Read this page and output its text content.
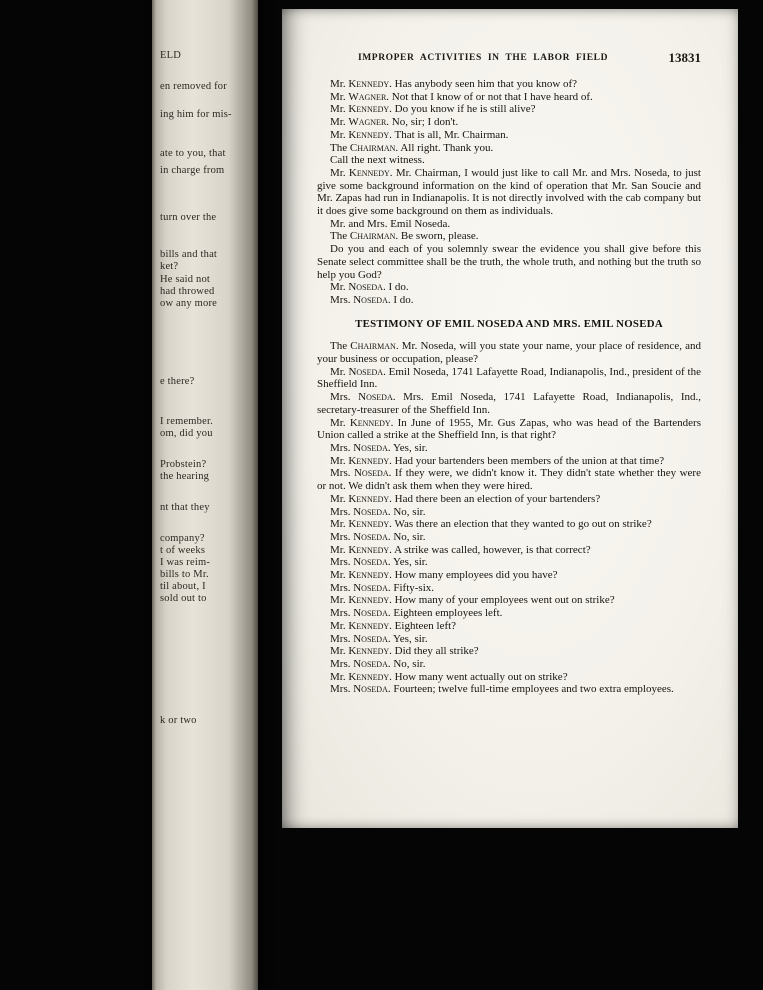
ELD
en removed for
ing him for mis-
ate to you, that
in charge from
turn over the
bills and that
ket?
He said not
had throwed
ow any more
e there?
I remember.
om, did you
Probstein?
the hearing
nt that they
company?
t of weeks
I was reim-
bills to Mr.
til about, I
sold out to
k or two
IMPROPER ACTIVITIES IN THE LABOR FIELD	13831

Mr. Kennedy. Has anybody seen him that you know of?

Mr. Wagner. Not that I know of or not that I have heard of.

Mr. Kennedy. Do you know if he is still alive?

Mr. Wagner. No, sir; I don't.

Mr. Kennedy. That is all, Mr. Chairman.

The Chairman. All right. Thank you.

Call the next witness.

Mr. Kennedy. Mr. Chairman, I would just like to call Mr. and Mrs. Noseda, to just give some background information on the kind of operation that Mr. San Soucie and Mr. Zapas had run in Indianapolis. It is not directly involved with the cab company but it does give some background on them as individuals.

Mr. and Mrs. Emil Noseda.

The Chairman. Be sworn, please.

Do you and each of you solemnly swear the evidence you shall give before this Senate select committee shall be the truth, the whole truth, and nothing but the truth so help you God?

Mr. Noseda. I do.

Mrs. Noseda. I do.

TESTIMONY OF EMIL NOSEDA AND MRS. EMIL NOSEDA

The Chairman. Mr. Noseda, will you state your name, your place of residence, and your business or occupation, please?

Mr. Noseda. Emil Noseda, 1741 Lafayette Road, Indianapolis, Ind., president of the Sheffield Inn.

Mrs. Noseda. Mrs. Emil Noseda, 1741 Lafayette Road, Indianapolis, Ind., secretary-treasurer of the Sheffield Inn.

Mr. Kennedy. In June of 1955, Mr. Gus Zapas, who was head of the Bartenders Union called a strike at the Sheffield Inn, is that right?

Mrs. Noseda. Yes, sir.

Mr. Kennedy. Had your bartenders been members of the union at that time?

Mrs. Noseda. If they were, we didn't know it. They didn't state whether they were or not. We didn't ask them when they were hired.

Mr. Kennedy. Had there been an election of your bartenders?

Mrs. Noseda. No, sir.

Mr. Kennedy. Was there an election that they wanted to go out on strike?

Mrs. Noseda. No, sir.

Mr. Kennedy. A strike was called, however, is that correct?

Mrs. Noseda. Yes, sir.

Mr. Kennedy. How many employees did you have?

Mrs. Noseda. Fifty-six.

Mr. Kennedy. How many of your employees went out on strike?

Mrs. Noseda. Eighteen employees left.

Mr. Kennedy. Eighteen left?

Mrs. Noseda. Yes, sir.

Mr. Kennedy. Did they all strike?

Mrs. Noseda. No, sir.

Mr. Kennedy. How many went actually out on strike?

Mrs. Noseda. Fourteen; twelve full-time employees and two extra employees.
